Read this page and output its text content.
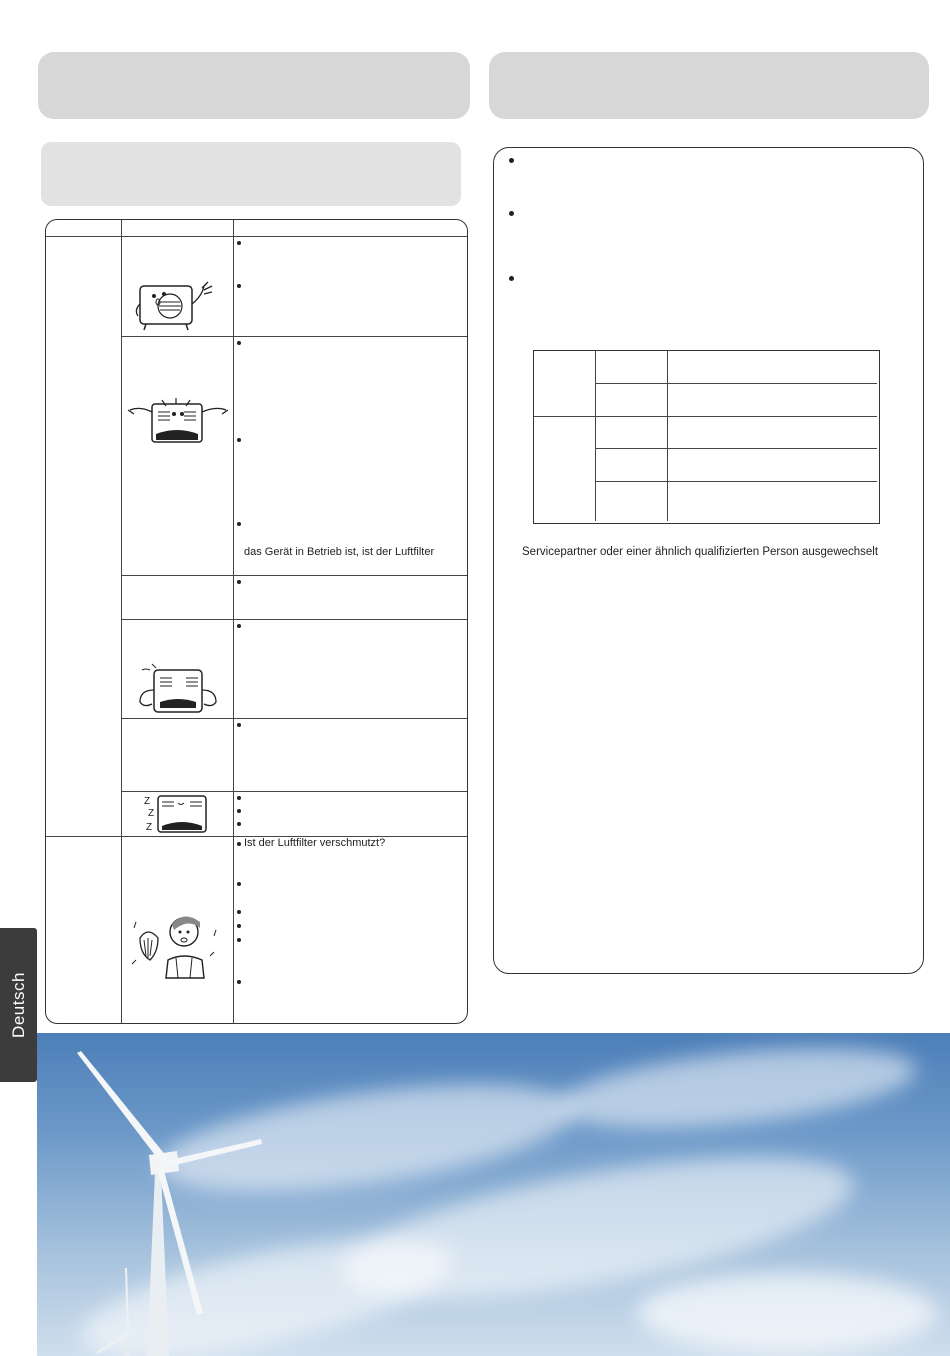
das Gerät in Betrieb ist, ist der Luftfilter
Ist der Luftfilter verschmutzt?
Z
Z
Z
Servicepartner oder einer ähnlich qualifizierten Person ausgewechselt
Deutsch
